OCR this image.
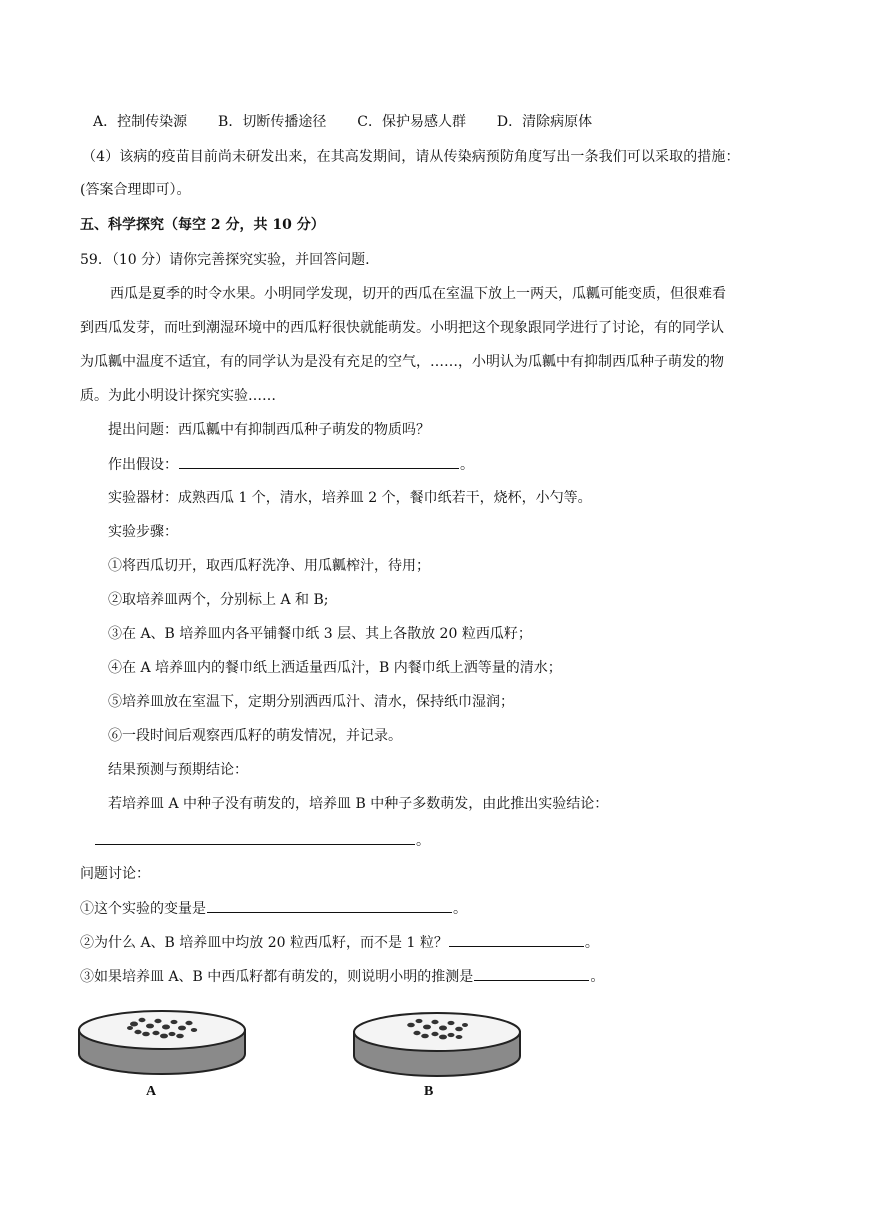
A．控制传染源 B．切断传播途径 C．保护易感人群 D．清除病原体
（4）该病的疫苗目前尚未研发出来，在其高发期间，请从传染病预防角度写出一条我们可以采取的措施：
(答案合理即可）。
五、科学探究（每空 2 分，共 10 分）
59．（10 分）请你完善探究实验，并回答问题.
西瓜是夏季的时令水果。小明同学发现，切开的西瓜在室温下放上一两天，瓜瓤可能变质，但很难看
到西瓜发芽，而吐到潮湿环境中的西瓜籽很快就能萌发。小明把这个现象跟同学进行了讨论，有的同学认
为瓜瓤中温度不适宜，有的同学认为是没有充足的空气，……，小明认为瓜瓤中有抑制西瓜种子萌发的物
质。为此小明设计探究实验……
提出问题：西瓜瓤中有抑制西瓜种子萌发的物质吗？
作出假设：	。
实验器材：成熟西瓜 1 个，清水，培养皿 2 个，餐巾纸若干，烧杯，小勺等。
实验步骤：
①将西瓜切开，取西瓜籽洗净、用瓜瓤榨汁，待用；
②取培养皿两个，分别标上 A 和 B;
③在 A、B 培养皿内各平铺餐巾纸 3 层、其上各散放 20 粒西瓜籽；
④在 A 培养皿内的餐巾纸上洒适量西瓜汁，B 内餐巾纸上洒等量的清水；
⑤培养皿放在室温下，定期分别洒西瓜汁、清水，保持纸巾湿润；
⑥一段时间后观察西瓜籽的萌发情况，并记录。
结果预测与预期结论：
若培养皿 A 中种子没有萌发的，培养皿 B 中种子多数萌发，由此推出实验结论：
。
问题讨论：
①这个实验的变量是	。
②为什么 A、B 培养皿中均放 20 粒西瓜籽，而不是 1 粒？	。
③如果培养皿 A、B 中西瓜籽都有萌发的，则说明小明的推测是	。
A	B
